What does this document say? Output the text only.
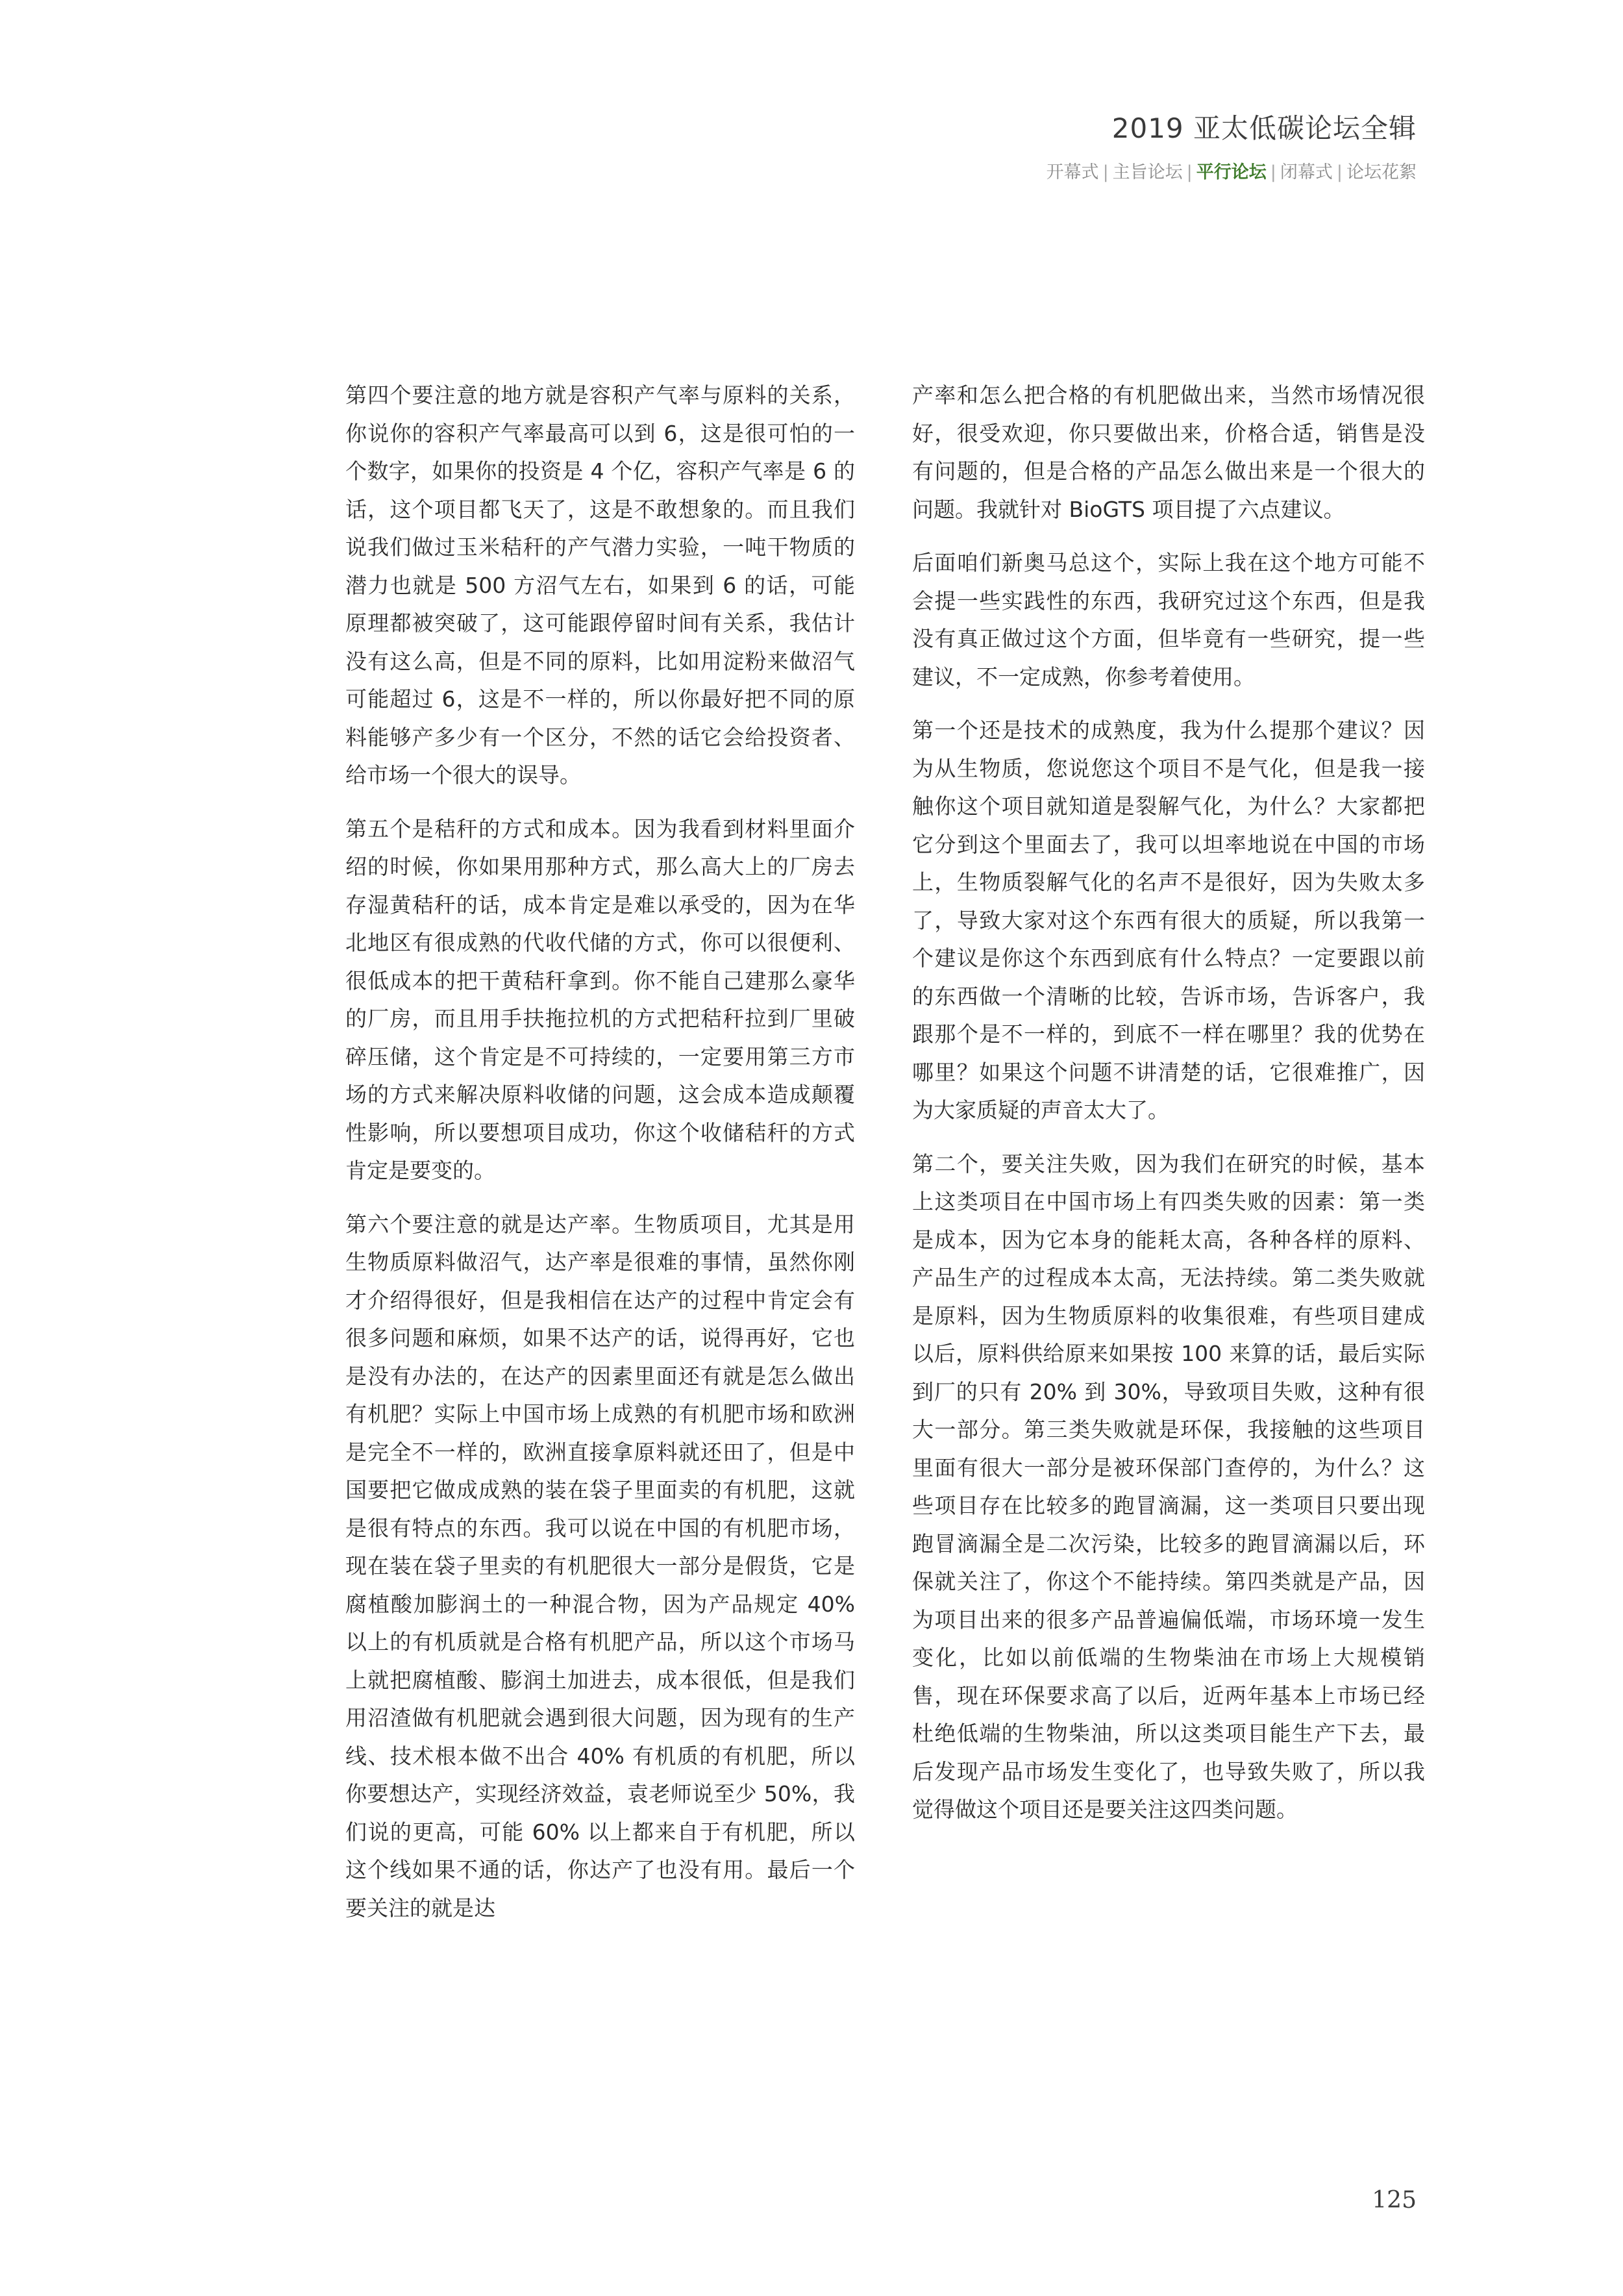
2019 亚太低碳论坛全辑
开幕式 | 主旨论坛 | 平行论坛 | 闭幕式 | 论坛花絮

第四个要注意的地方就是容积产气率与原料的关系，你说你的容积产气率最高可以到 6，这是很可怕的一个数字，如果你的投资是 4 个亿，容积产气率是 6 的话，这个项目都飞天了，这是不敢想象的。而且我们说我们做过玉米秸秆的产气潜力实验，一吨干物质的潜力也就是 500 方沼气左右，如果到 6 的话，可能原理都被突破了，这可能跟停留时间有关系，我估计没有这么高，但是不同的原料，比如用淀粉来做沼气可能超过 6，这是不一样的，所以你最好把不同的原料能够产多少有一个区分，不然的话它会给投资者、给市场一个很大的误导。

第五个是秸秆的方式和成本。因为我看到材料里面介绍的时候，你如果用那种方式，那么高大上的厂房去存湿黄秸秆的话，成本肯定是难以承受的，因为在华北地区有很成熟的代收代储的方式，你可以很便利、很低成本的把干黄秸秆拿到。你不能自己建那么豪华的厂房，而且用手扶拖拉机的方式把秸秆拉到厂里破碎压储，这个肯定是不可持续的，一定要用第三方市场的方式来解决原料收储的问题，这会成本造成颠覆性影响，所以要想项目成功，你这个收储秸秆的方式肯定是要变的。

第六个要注意的就是达产率。生物质项目，尤其是用生物质原料做沼气，达产率是很难的事情，虽然你刚才介绍得很好，但是我相信在达产的过程中肯定会有很多问题和麻烦，如果不达产的话，说得再好，它也是没有办法的，在达产的因素里面还有就是怎么做出有机肥？实际上中国市场上成熟的有机肥市场和欧洲是完全不一样的，欧洲直接拿原料就还田了，但是中国要把它做成成熟的装在袋子里面卖的有机肥，这就是很有特点的东西。我可以说在中国的有机肥市场，现在装在袋子里卖的有机肥很大一部分是假货，它是腐植酸加膨润土的一种混合物，因为产品规定 40% 以上的有机质就是合格有机肥产品，所以这个市场马上就把腐植酸、膨润土加进去，成本很低，但是我们用沼渣做有机肥就会遇到很大问题，因为现有的生产线、技术根本做不出合 40% 有机质的有机肥，所以你要想达产，实现经济效益，袁老师说至少 50%，我们说的更高，可能 60% 以上都来自于有机肥，所以这个线如果不通的话，你达产了也没有用。最后一个要关注的就是达

产率和怎么把合格的有机肥做出来，当然市场情况很好，很受欢迎，你只要做出来，价格合适，销售是没有问题的，但是合格的产品怎么做出来是一个很大的问题。我就针对 BioGTS 项目提了六点建议。

后面咱们新奥马总这个，实际上我在这个地方可能不会提一些实践性的东西，我研究过这个东西，但是我没有真正做过这个方面，但毕竟有一些研究，提一些建议，不一定成熟，你参考着使用。

第一个还是技术的成熟度，我为什么提那个建议？因为从生物质，您说您这个项目不是气化，但是我一接触你这个项目就知道是裂解气化，为什么？大家都把它分到这个里面去了，我可以坦率地说在中国的市场上，生物质裂解气化的名声不是很好，因为失败太多了，导致大家对这个东西有很大的质疑，所以我第一个建议是你这个东西到底有什么特点？一定要跟以前的东西做一个清晰的比较，告诉市场，告诉客户，我跟那个是不一样的，到底不一样在哪里？我的优势在哪里？如果这个问题不讲清楚的话，它很难推广，因为大家质疑的声音太大了。

第二个，要关注失败，因为我们在研究的时候，基本上这类项目在中国市场上有四类失败的因素：第一类是成本，因为它本身的能耗太高，各种各样的原料、产品生产的过程成本太高，无法持续。第二类失败就是原料，因为生物质原料的收集很难，有些项目建成以后，原料供给原来如果按 100 来算的话，最后实际到厂的只有 20% 到 30%，导致项目失败，这种有很大一部分。第三类失败就是环保，我接触的这些项目里面有很大一部分是被环保部门查停的，为什么？这些项目存在比较多的跑冒滴漏，这一类项目只要出现跑冒滴漏全是二次污染，比较多的跑冒滴漏以后，环保就关注了，你这个不能持续。第四类就是产品，因为项目出来的很多产品普遍偏低端，市场环境一发生变化，比如以前低端的生物柴油在市场上大规模销售，现在环保要求高了以后，近两年基本上市场已经杜绝低端的生物柴油，所以这类项目能生产下去，最后发现产品市场发生变化了，也导致失败了，所以我觉得做这个项目还是要关注这四类问题。

125
